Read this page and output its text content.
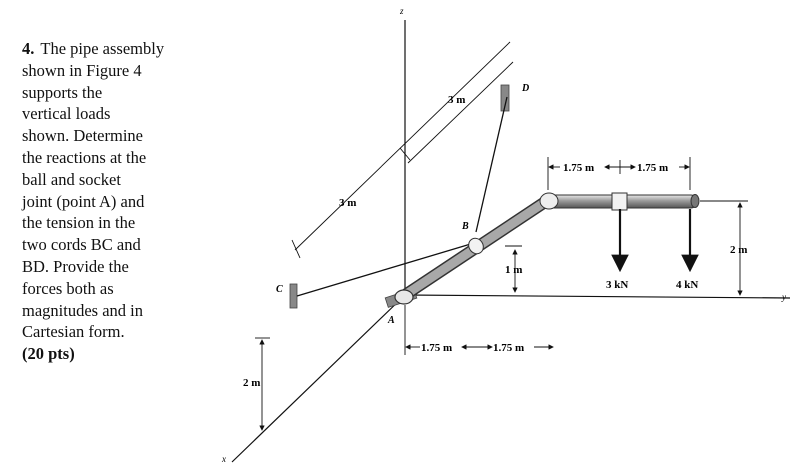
4. The pipe assembly
shown in Figure 4
supports the
vertical loads
shown. Determine
the reactions at the
ball and socket
joint (point A) and
the tension in the
two cords BC and
BD. Provide the
forces both as
magnitudes and in
Cartesian form.
(20 pts)
z
y
x
3 m
3 m
A
B
C
D
3 kN	4 kN
1.75 m	1.75 m
1.75 m	1.75 m
1 m
2 m
2 m
